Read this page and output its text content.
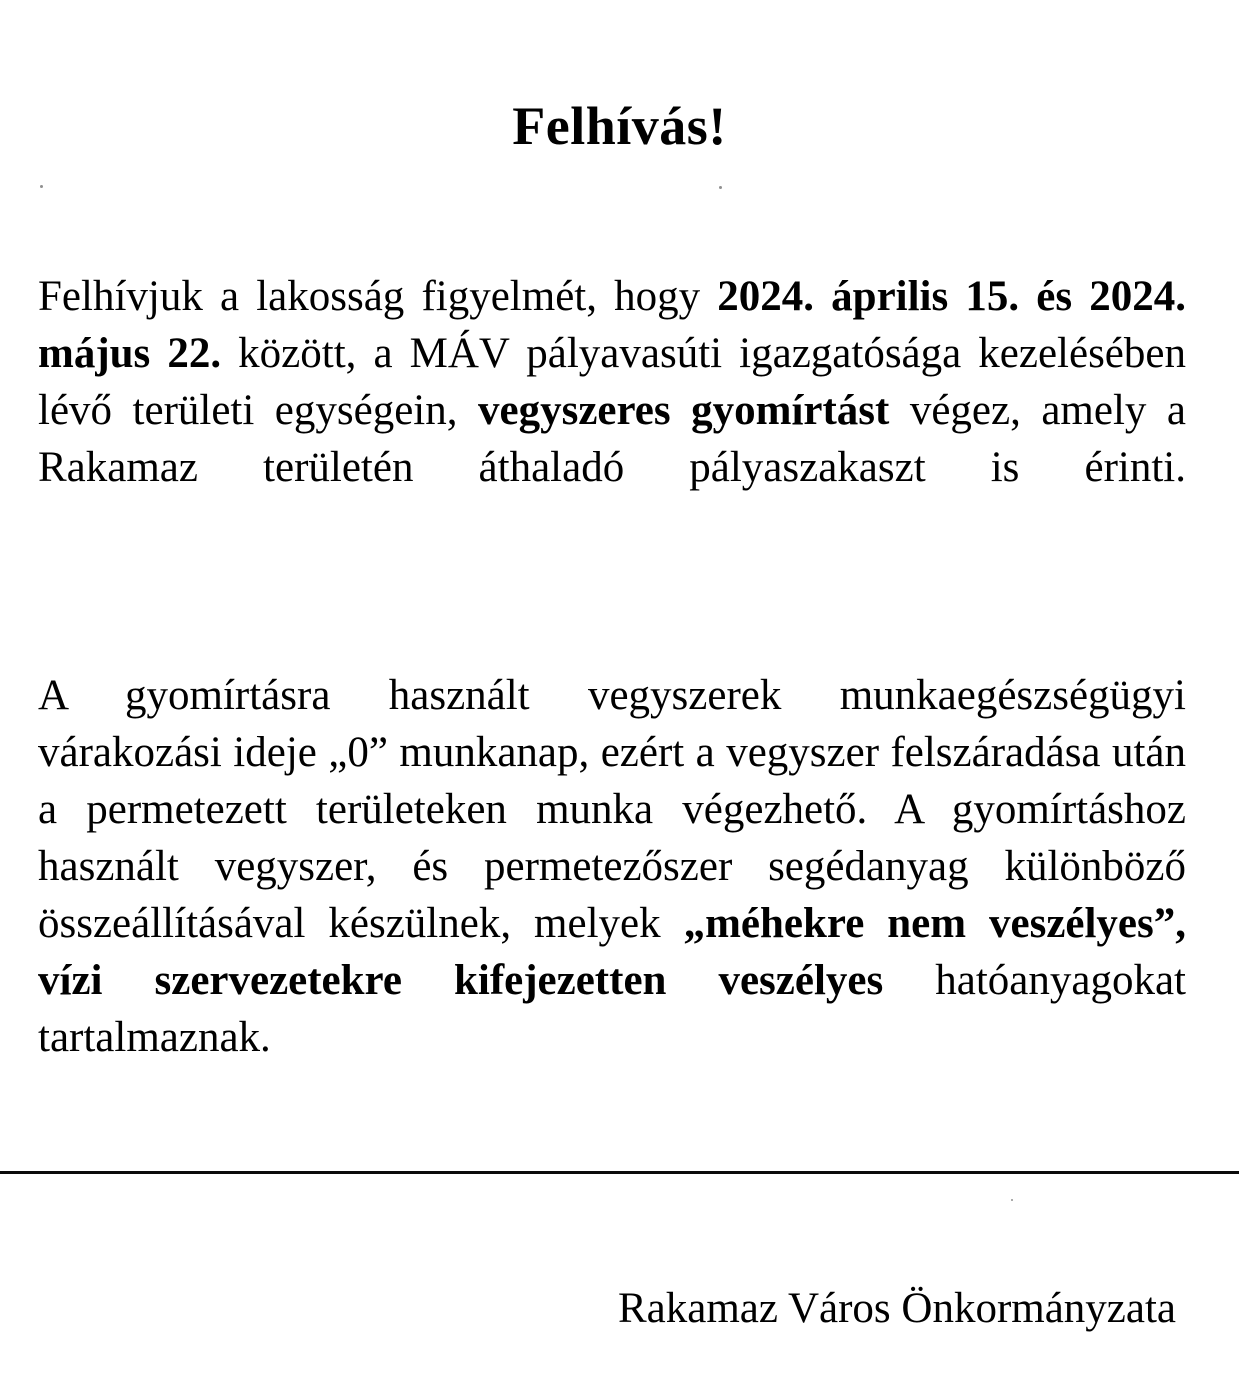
Felhívás!

Felhívjuk a lakosság figyelmét, hogy 2024. április 15. és 2024. május 22. között, a MÁV pályavasúti igazgatósága kezelésében lévő területi egységein, vegyszeres gyomírtást végez, amely a Rakamaz területén áthaladó pályaszakaszt is érinti.

A gyomírtásra használt vegyszerek munkaegészségügyi várakozási ideje „0” munkanap, ezért a vegyszer felszáradása után a permetezett területeken munka végezhető. A gyomírtáshoz használt vegyszer, és permetezőszer segédanyag különböző összeállításával készülnek, melyek „méhekre nem veszélyes”, vízi szervezetekre kifejezetten veszélyes hatóanyagokat tartalmaznak.

Rakamaz Város Önkormányzata
